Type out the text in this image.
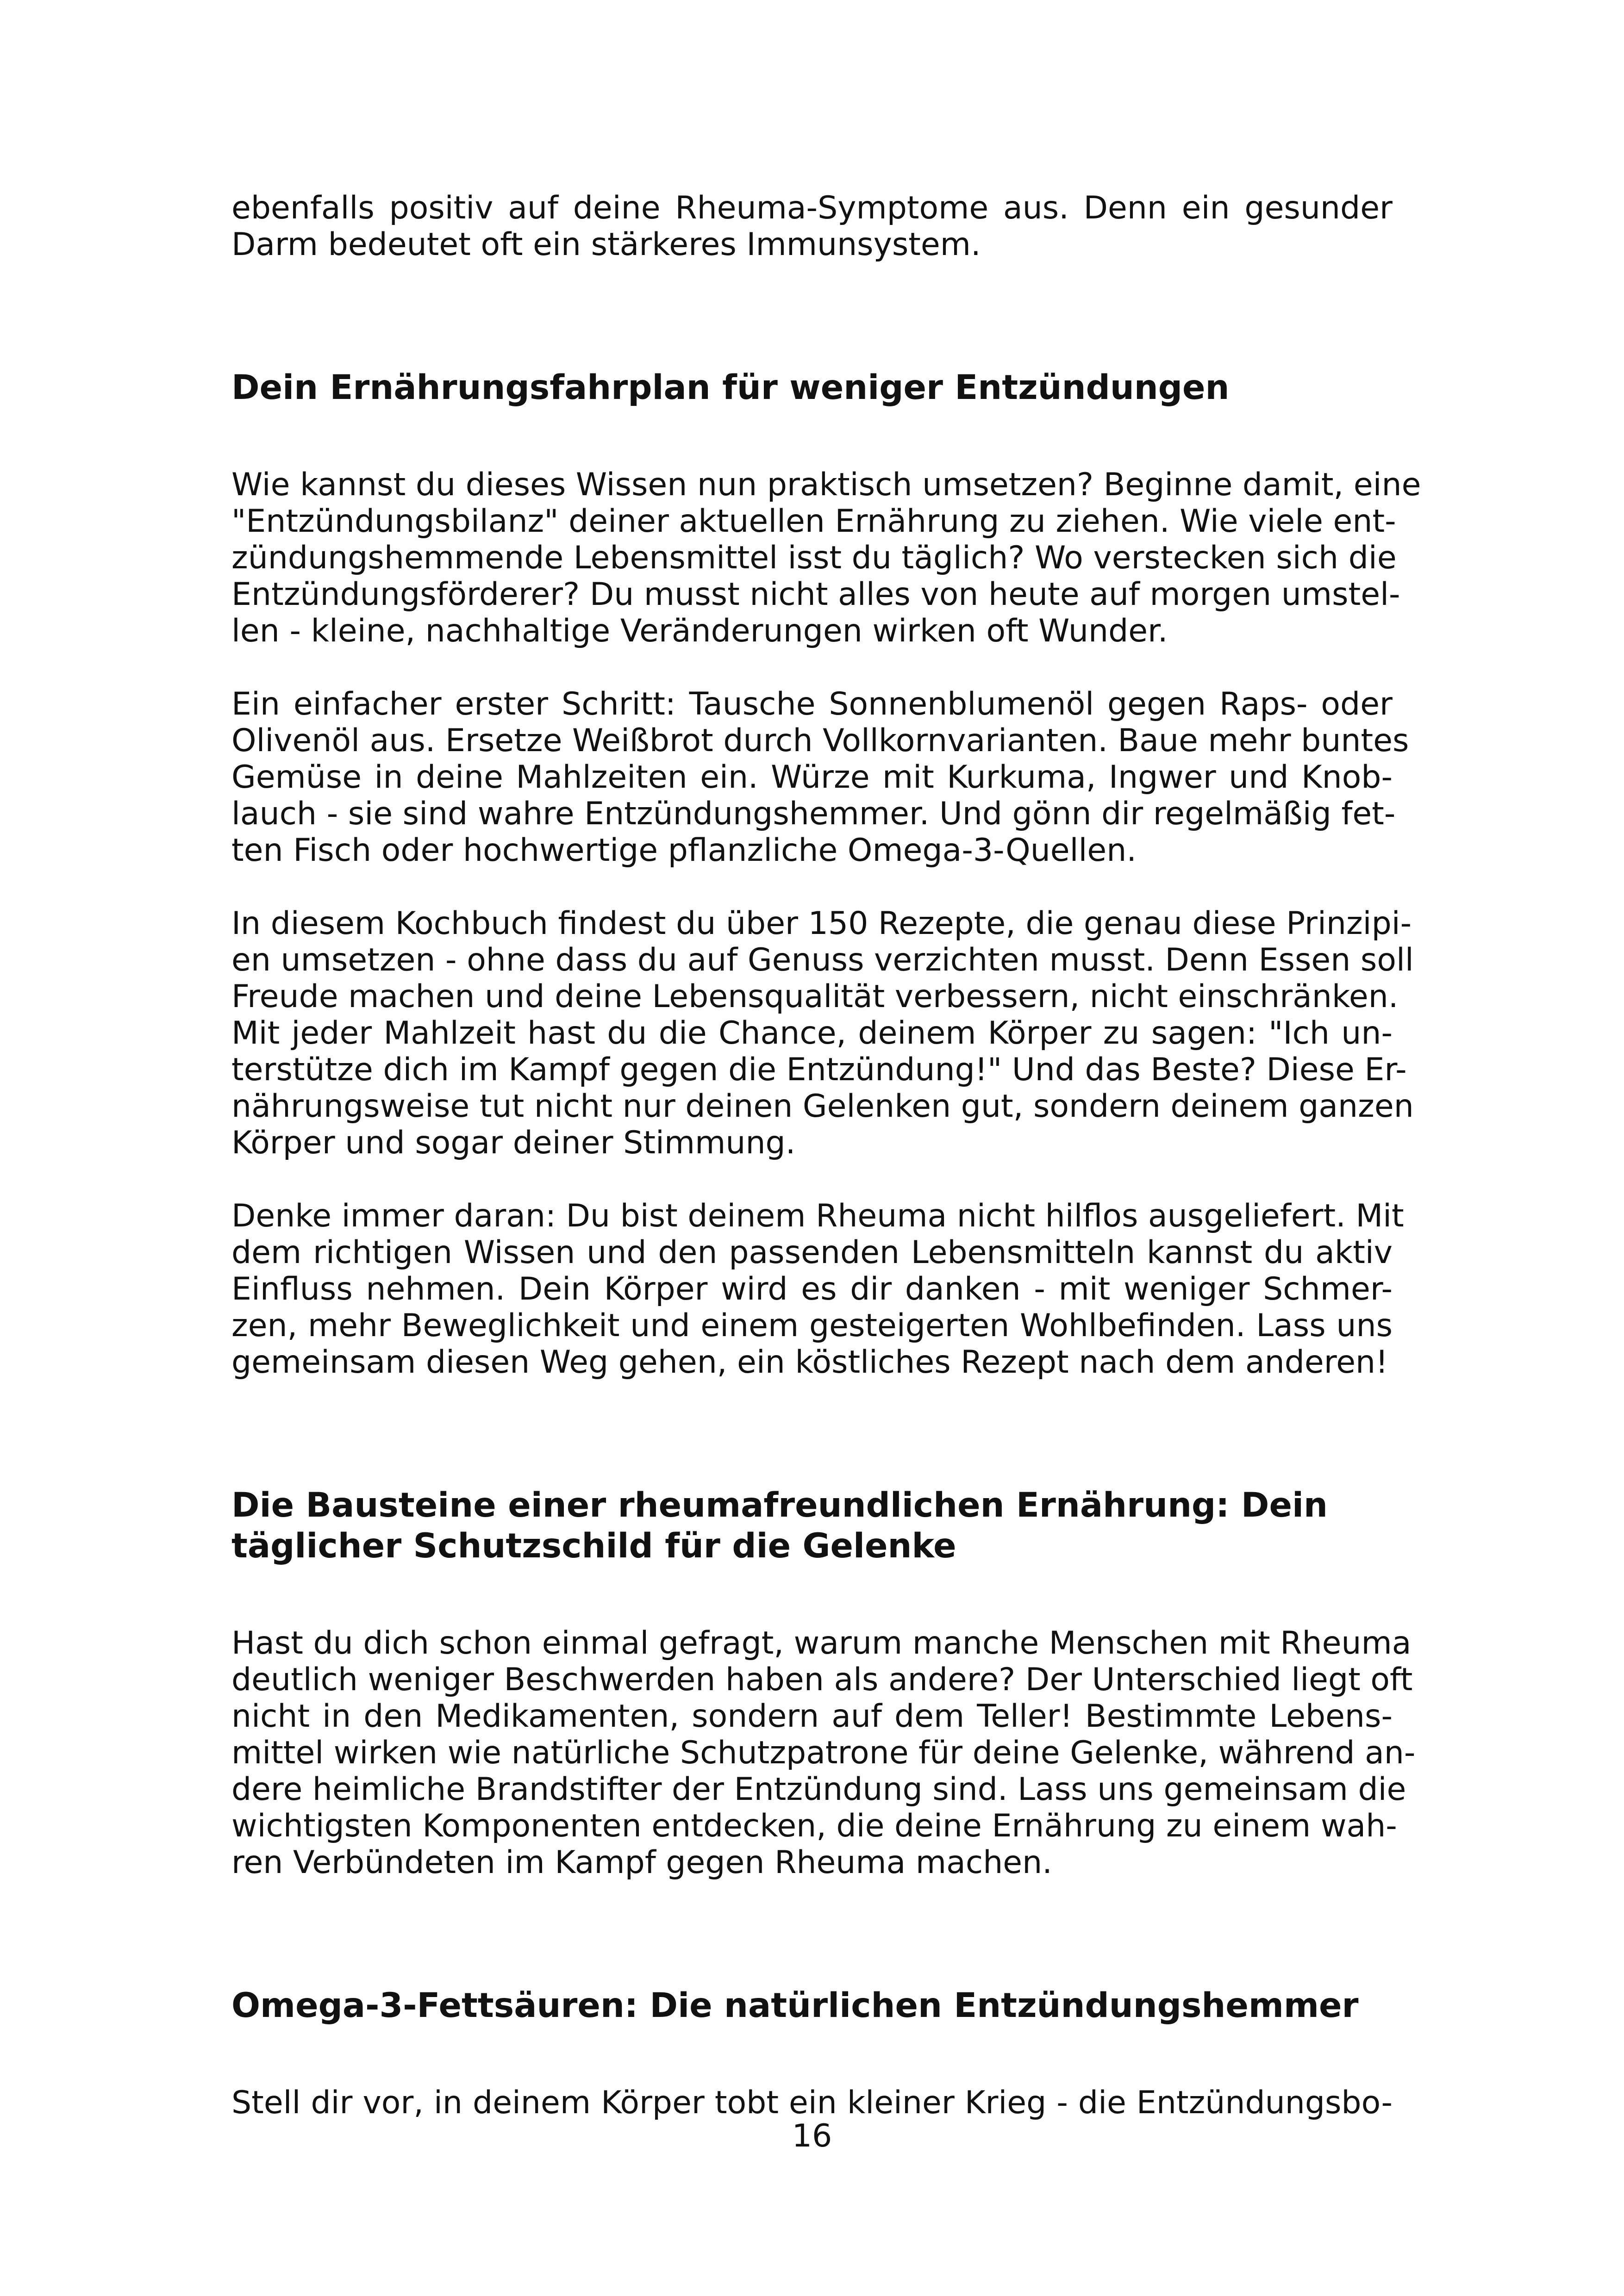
ebenfalls positiv auf deine Rheuma-Symptome aus. Denn ein gesunder
Darm bedeutet oft ein stärkeres Immunsystem.

Dein Ernährungsfahrplan für weniger Entzündungen

Wie kannst du dieses Wissen nun praktisch umsetzen? Beginne damit, eine
"Entzündungsbilanz" deiner aktuellen Ernährung zu ziehen. Wie viele ent-
zündungshemmende Lebensmittel isst du täglich? Wo verstecken sich die
Entzündungsförderer? Du musst nicht alles von heute auf morgen umstel-
len - kleine, nachhaltige Veränderungen wirken oft Wunder.

Ein einfacher erster Schritt: Tausche Sonnenblumenöl gegen Raps- oder
Olivenöl aus. Ersetze Weißbrot durch Vollkornvarianten. Baue mehr buntes
Gemüse in deine Mahlzeiten ein. Würze mit Kurkuma, Ingwer und Knob-
lauch - sie sind wahre Entzündungshemmer. Und gönn dir regelmäßig fet-
ten Fisch oder hochwertige pflanzliche Omega-3-Quellen.

In diesem Kochbuch findest du über 150 Rezepte, die genau diese Prinzipi-
en umsetzen - ohne dass du auf Genuss verzichten musst. Denn Essen soll
Freude machen und deine Lebensqualität verbessern, nicht einschränken.
Mit jeder Mahlzeit hast du die Chance, deinem Körper zu sagen: "Ich un-
terstütze dich im Kampf gegen die Entzündung!" Und das Beste? Diese Er-
nährungsweise tut nicht nur deinen Gelenken gut, sondern deinem ganzen
Körper und sogar deiner Stimmung.

Denke immer daran: Du bist deinem Rheuma nicht hilflos ausgeliefert. Mit
dem richtigen Wissen und den passenden Lebensmitteln kannst du aktiv
Einfluss nehmen. Dein Körper wird es dir danken - mit weniger Schmer-
zen, mehr Beweglichkeit und einem gesteigerten Wohlbefinden. Lass uns
gemeinsam diesen Weg gehen, ein köstliches Rezept nach dem anderen!

Die Bausteine einer rheumafreundlichen Ernährung: Dein
täglicher Schutzschild für die Gelenke

Hast du dich schon einmal gefragt, warum manche Menschen mit Rheuma
deutlich weniger Beschwerden haben als andere? Der Unterschied liegt oft
nicht in den Medikamenten, sondern auf dem Teller! Bestimmte Lebens-
mittel wirken wie natürliche Schutzpatrone für deine Gelenke, während an-
dere heimliche Brandstifter der Entzündung sind. Lass uns gemeinsam die
wichtigsten Komponenten entdecken, die deine Ernährung zu einem wah-
ren Verbündeten im Kampf gegen Rheuma machen.

Omega-3-Fettsäuren: Die natürlichen Entzündungshemmer

Stell dir vor, in deinem Körper tobt ein kleiner Krieg - die Entzündungsbo-

16
